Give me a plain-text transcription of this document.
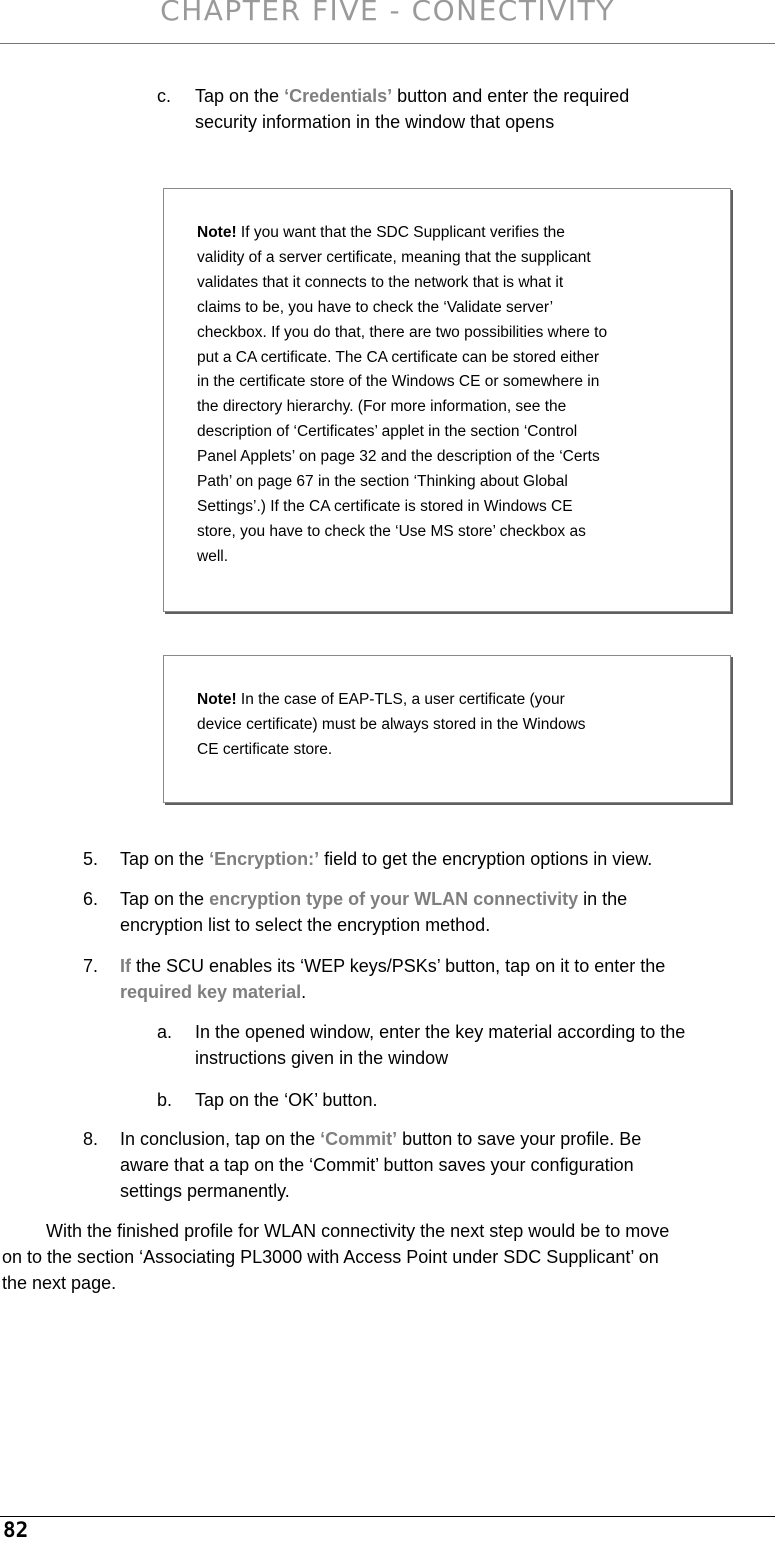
CHAPTER FIVE - CONECTIVITY
c. Tap on the ‘Credentials’ button and enter the required
security information in the window that opens
Note! If you want that the SDC Supplicant verifies the
validity of a server certificate, meaning that the supplicant
validates that it connects to the network that is what it
claims to be, you have to check the ‘Validate server’
checkbox. If you do that, there are two possibilities where to
put a CA certificate. The CA certificate can be stored either
in the certificate store of the Windows CE or somewhere in
the directory hierarchy. (For more information, see the
description of ‘Certificates’ applet in the section ‘Control
Panel Applets’ on page 32 and the description of the ‘Certs
Path’ on page 67 in the section ‘Thinking about Global
Settings’.) If the CA certificate is stored in Windows CE
store, you have to check the ‘Use MS store’ checkbox as
well.
Note! In the case of EAP-TLS, a user certificate (your
device certificate) must be always stored in the Windows
CE certificate store.
5. Tap on the ‘Encryption:’ field to get the encryption options in view.
6. Tap on the encryption type of your WLAN connectivity in the
encryption list to select the encryption method.
7. If the SCU enables its ‘WEP keys/PSKs’ button, tap on it to enter the
required key material.
a. In the opened window, enter the key material according to the
instructions given in the window
b. Tap on the ‘OK’ button.
8. In conclusion, tap on the ‘Commit’ button to save your profile. Be
aware that a tap on the ‘Commit’ button saves your configuration
settings permanently.
With the finished profile for WLAN connectivity the next step would be to move
on to the section ‘Associating PL3000 with Access Point under SDC Supplicant’ on
the next page.
82
